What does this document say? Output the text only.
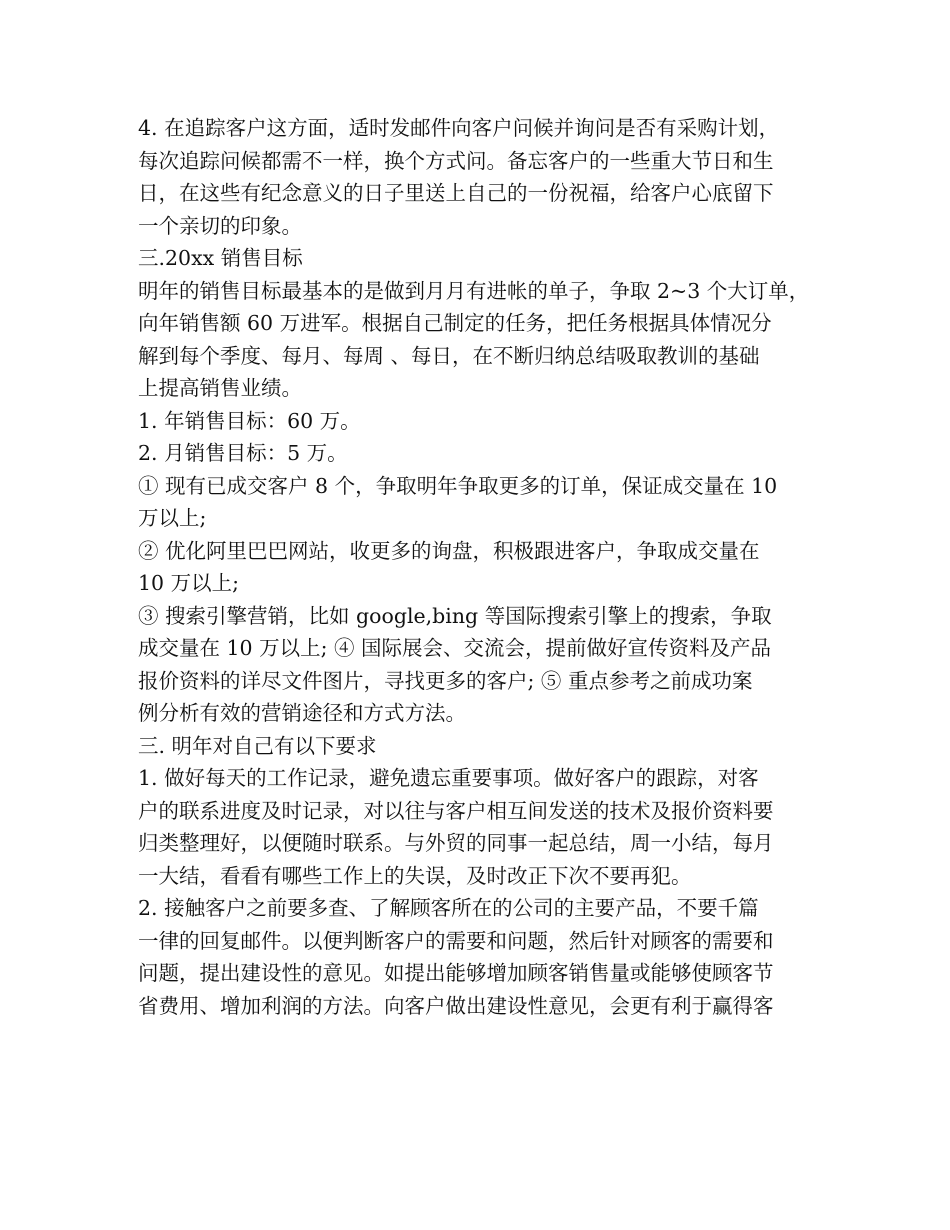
4. 在追踪客户这方面，适时发邮件向客户问候并询问是否有采购计划，
每次追踪问候都需不一样，换个方式问。备忘客户的一些重大节日和生
日，在这些有纪念意义的日子里送上自己的一份祝福，给客户心底留下
一个亲切的印象。
三.20xx 销售目标
明年的销售目标最基本的是做到月月有进帐的单子，争取 2~3 个大订单，
向年销售额 60 万进军。根据自己制定的任务，把任务根据具体情况分
解到每个季度、每月、每周 、每日，在不断归纳总结吸取教训的基础
上提高销售业绩。
1. 年销售目标：60 万。
2. 月销售目标：5 万。
① 现有已成交客户 8 个，争取明年争取更多的订单，保证成交量在 10
万以上;
② 优化阿里巴巴网站，收更多的询盘，积极跟进客户，争取成交量在
10 万以上;
③ 搜索引擎营销，比如 google,bing 等国际搜索引擎上的搜索，争取
成交量在 10 万以上; ④ 国际展会、交流会，提前做好宣传资料及产品
报价资料的详尽文件图片，寻找更多的客户; ⑤ 重点参考之前成功案
例分析有效的营销途径和方式方法。
三. 明年对自己有以下要求
1. 做好每天的工作记录，避免遗忘重要事项。做好客户的跟踪，对客
户的联系进度及时记录，对以往与客户相互间发送的技术及报价资料要
归类整理好，以便随时联系。与外贸的同事一起总结，周一小结，每月
一大结，看看有哪些工作上的失误，及时改正下次不要再犯。
2. 接触客户之前要多查、了解顾客所在的公司的主要产品，不要千篇
一律的回复邮件。以便判断客户的需要和问题，然后针对顾客的需要和
问题，提出建设性的意见。如提出能够增加顾客销售量或能够使顾客节
省费用、增加利润的方法。向客户做出建设性意见，会更有利于赢得客
